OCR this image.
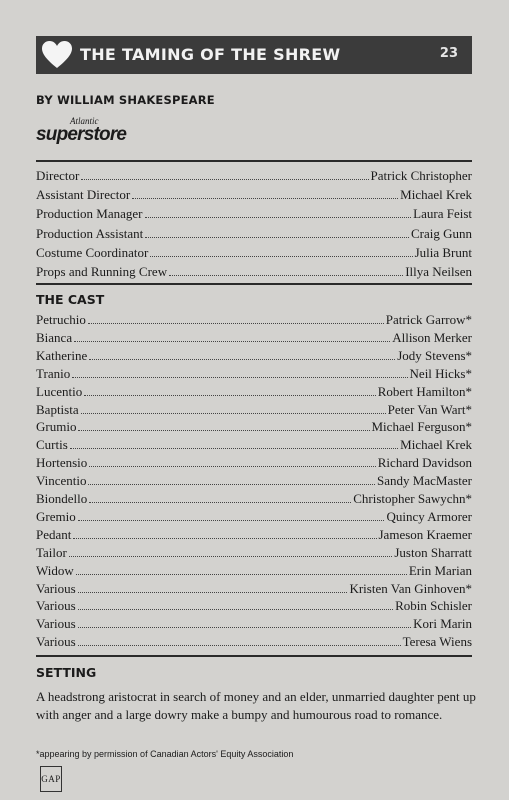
THE TAMING OF THE SHREW	23
BY WILLIAM SHAKESPEARE
Atlantic
superstore
Director	Patrick Christopher
Assistant Director	Michael Krek
Production Manager	Laura Feist
Production Assistant	Craig Gunn
Costume Coordinator	Julia Brunt
Props and Running Crew	Illya Neilsen
THE CAST
Petruchio	Patrick Garrow*
Bianca	Allison Merker
Katherine	Jody Stevens*
Tranio	Neil Hicks*
Lucentio	Robert Hamilton*
Baptista	Peter Van Wart*
Grumio	Michael Ferguson*
Curtis	Michael Krek
Hortensio	Richard Davidson
Vincentio	Sandy MacMaster
Biondello	Christopher Sawychn*
Gremio	Quincy Armorer
Pedant	Jameson Kraemer
Tailor	Juston Sharratt
Widow	Erin Marian
Various	Kristen Van Ginhoven*
Various	Robin Schisler
Various	Kori Marin
Various	Teresa Wiens
SETTING
A headstrong aristocrat in search of money and an elder, unmarried daughter pent up with anger and a large dowry make a bumpy and humourous road to romance.
*appearing by permission of Canadian Actors' Equity Association
GAP
